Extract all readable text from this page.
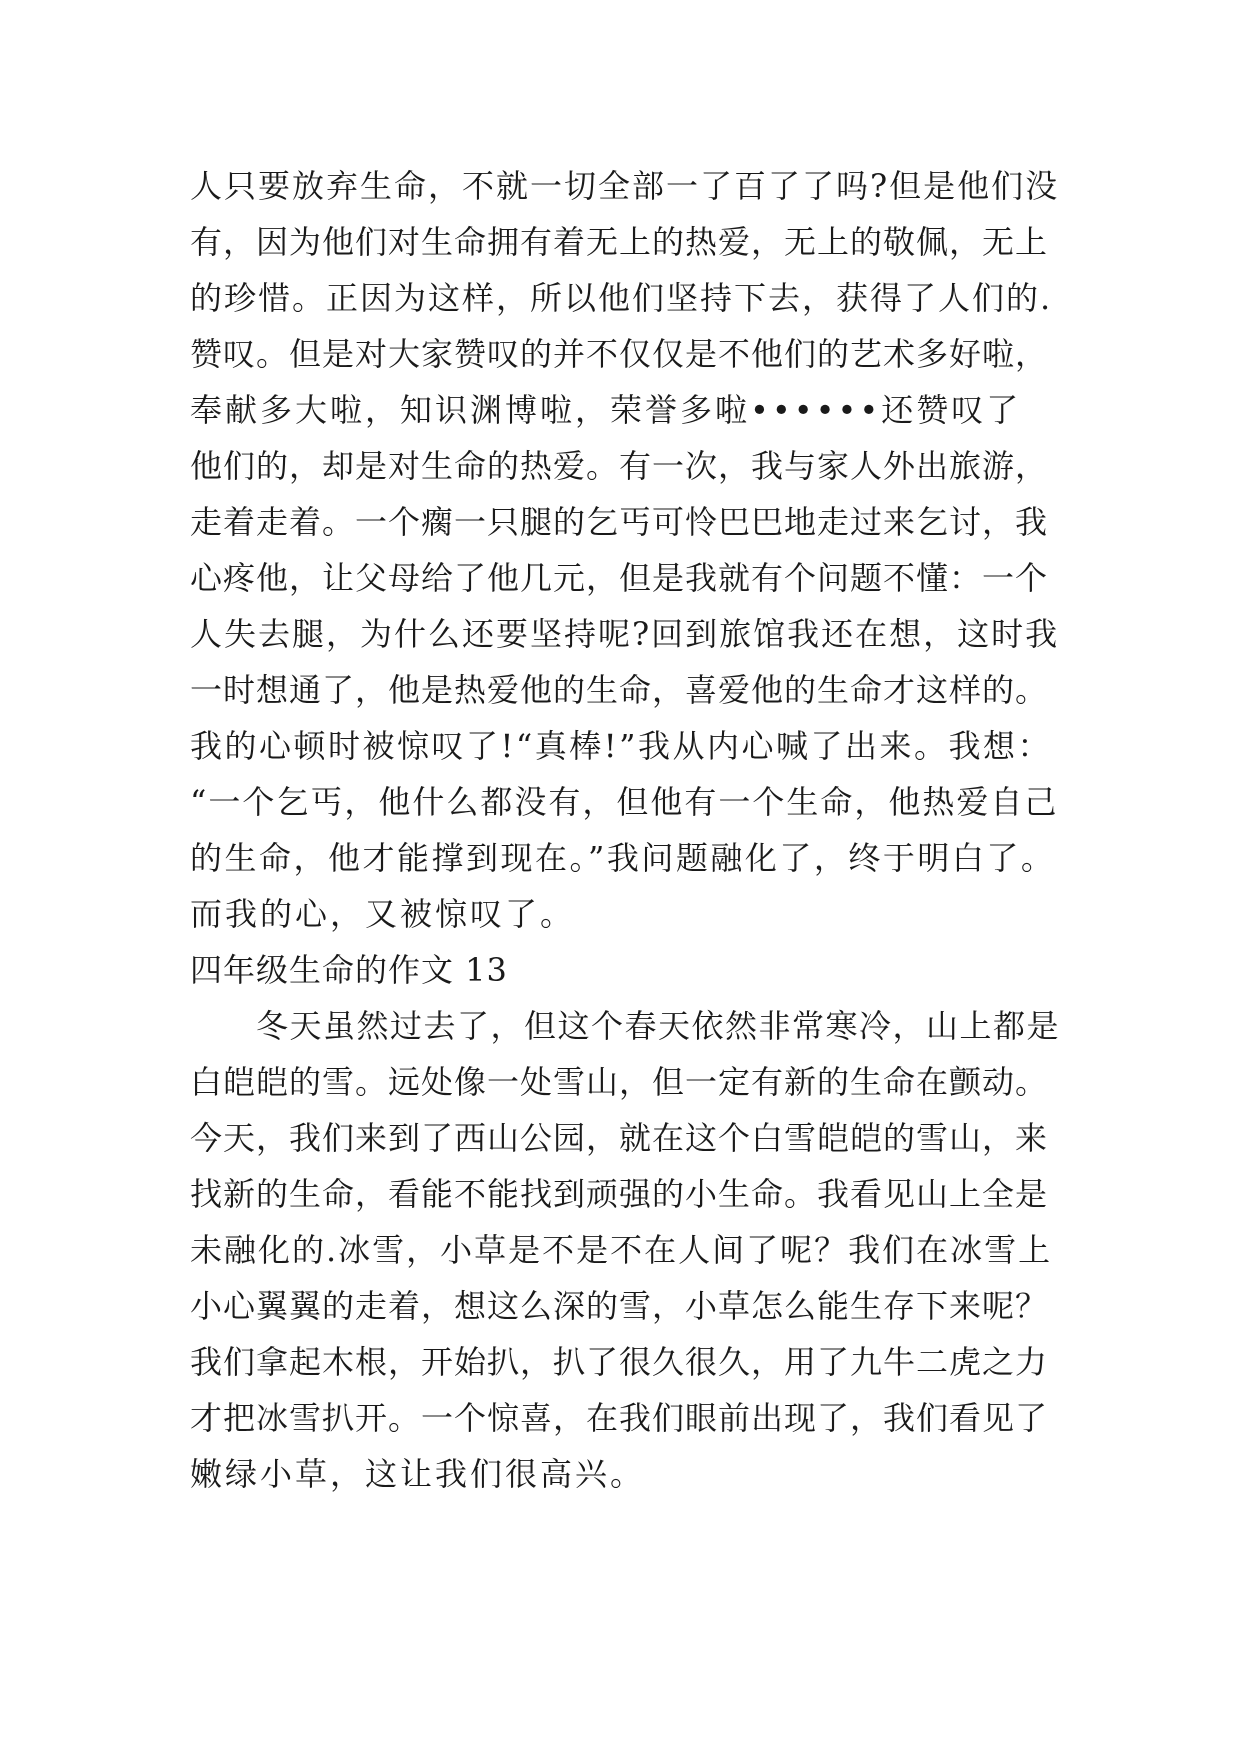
人只要放弃生命，不就一切全部一了百了了吗?但是他们没
有，因为他们对生命拥有着无上的热爱，无上的敬佩，无上
的珍惜。正因为这样，所以他们坚持下去，获得了人们的.
赞叹。但是对大家赞叹的并不仅仅是不他们的艺术多好啦，
奉献多大啦，知识渊博啦，荣誉多啦••••••还赞叹了
他们的，却是对生命的热爱。有一次，我与家人外出旅游，
走着走着。一个瘸一只腿的乞丐可怜巴巴地走过来乞讨，我
心疼他，让父母给了他几元，但是我就有个问题不懂：一个
人失去腿，为什么还要坚持呢?回到旅馆我还在想，这时我
一时想通了，他是热爱他的生命，喜爱他的生命才这样的。
我的心顿时被惊叹了!“真棒!”我从内心喊了出来。我想：
“一个乞丐，他什么都没有，但他有一个生命，他热爱自己
的生命，他才能撑到现在。”我问题融化了，终于明白了。
而我的心，又被惊叹了。
四年级生命的作文 13
冬天虽然过去了，但这个春天依然非常寒冷，山上都是
白皑皑的雪。远处像一处雪山，但一定有新的生命在颤动。
今天，我们来到了西山公园，就在这个白雪皑皑的雪山，来
找新的生命，看能不能找到顽强的小生命。我看见山上全是
未融化的.冰雪，小草是不是不在人间了呢？我们在冰雪上
小心翼翼的走着，想这么深的雪，小草怎么能生存下来呢？
我们拿起木根，开始扒，扒了很久很久，用了九牛二虎之力
才把冰雪扒开。一个惊喜，在我们眼前出现了，我们看见了
嫩绿小草，这让我们很高兴。
